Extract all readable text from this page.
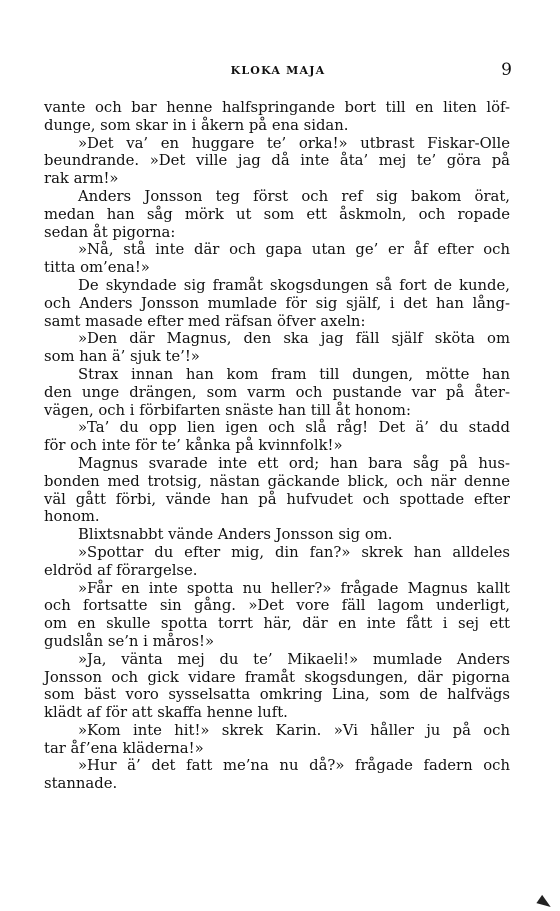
KLOKA MAJA	9
vante och bar henne halfspringande bort till en liten löf-
dunge, som skar in i åkern på ena sidan.
»Det va’ en huggare te’ orka!» utbrast Fiskar-Olle
beundrande. »Det ville jag då inte åta’ mej te’ göra på
rak arm!»
Anders Jonsson teg först och ref sig bakom örat,
medan han såg mörk ut som ett åskmoln, och ropade
sedan åt pigorna:
»Nå, stå inte där och gapa utan ge’ er åf efter och
titta om’ena!»
De skyndade sig framåt skogsdungen så fort de kunde,
och Anders Jonsson mumlade för sig själf, i det han lång-
samt masade efter med räfsan öfver axeln:
»Den där Magnus, den ska jag fäll själf sköta om
som han ä’ sjuk te’!»
Strax innan han kom fram till dungen, mötte han
den unge drängen, som varm och pustande var på åter-
vägen, och i förbifarten snäste han till åt honom:
»Ta’ du opp lien igen och slå råg! Det ä’ du stadd
för och inte för te’ kånka på kvinnfolk!»
Magnus svarade inte ett ord; han bara såg på hus-
bonden med trotsig, nästan gäckande blick, och när denne
väl gått förbi, vände han på hufvudet och spottade efter
honom.
Blixtsnabbt vände Anders Jonsson sig om.
»Spottar du efter mig, din fan?» skrek han alldeles
eldröd af förargelse.
»Får en inte spotta nu heller?» frågade Magnus kallt
och fortsatte sin gång. »Det vore fäll lagom underligt,
om en skulle spotta torrt här, där en inte fått i sej ett
gudslån se’n i måros!»
»Ja, vänta mej du te’ Mikaeli!» mumlade Anders
Jonsson och gick vidare framåt skogsdungen, där pigorna
som bäst voro sysselsatta omkring Lina, som de halfvägs
klädt af för att skaffa henne luft.
»Kom inte hit!» skrek Karin. »Vi håller ju på och
tar åf’ena kläderna!»
»Hur ä’ det fatt me’na nu då?» frågade fadern och
stannade.
